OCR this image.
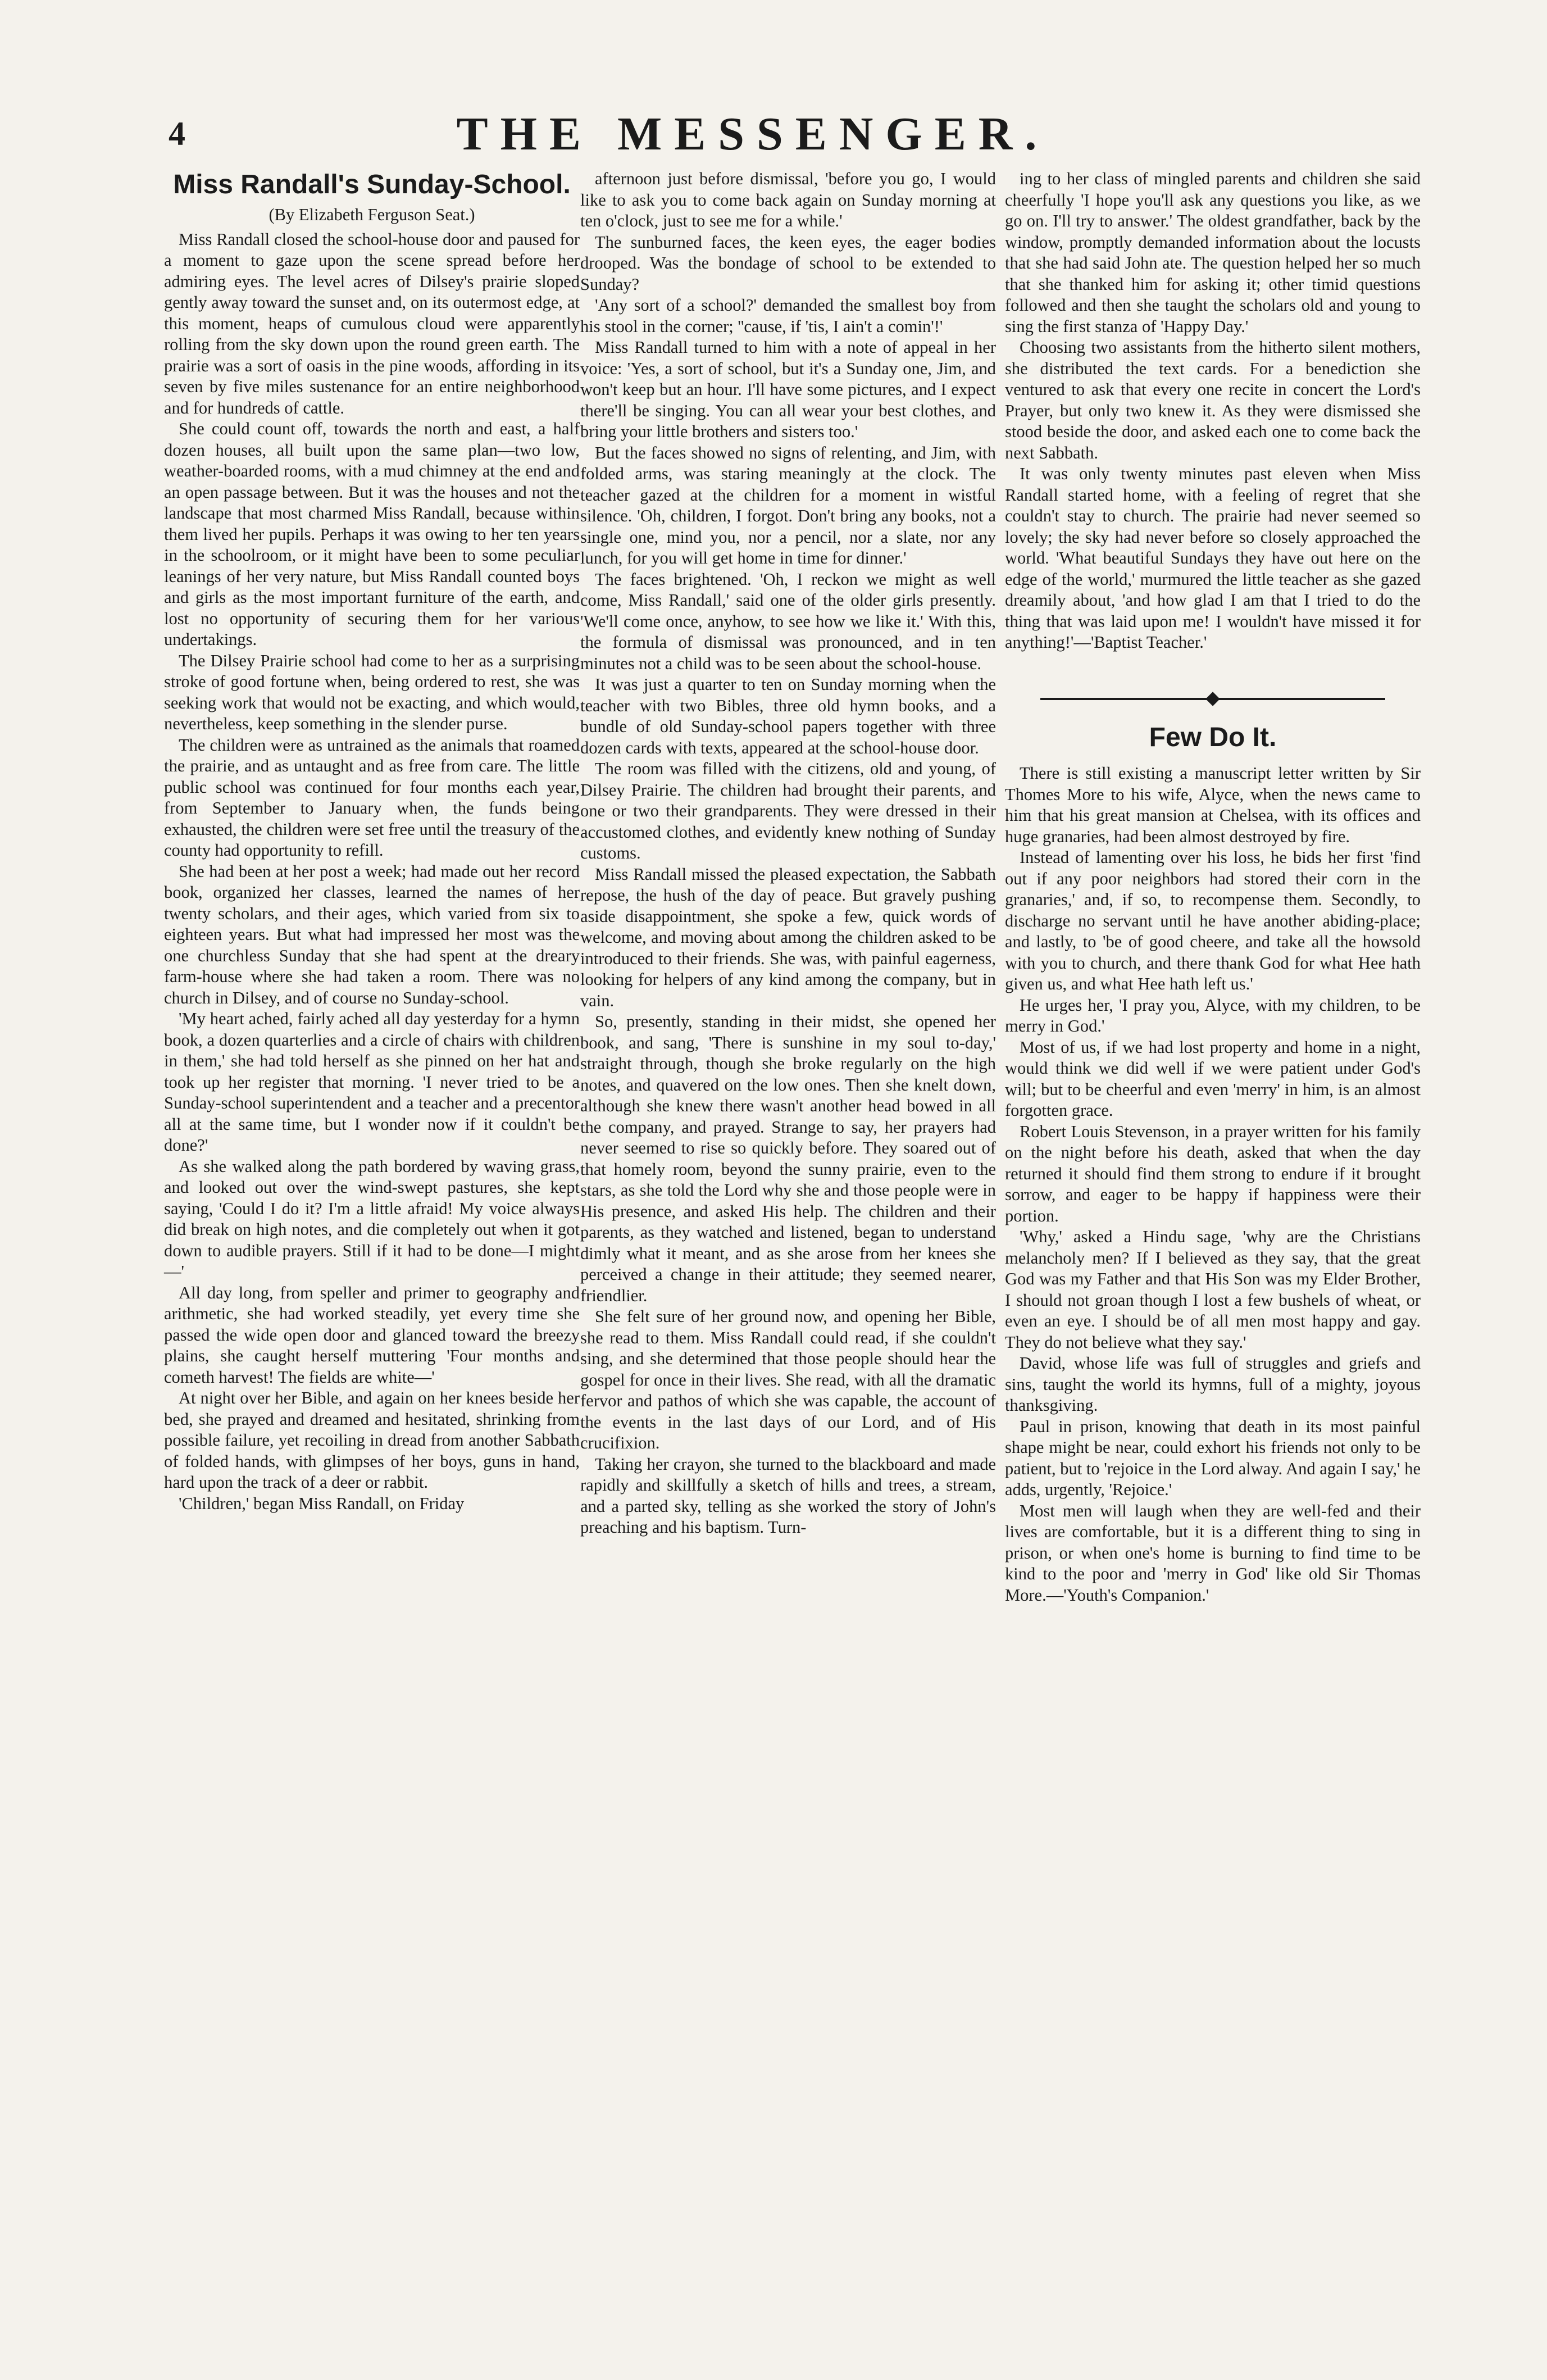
4	THE MESSENGER.
Miss Randall's Sunday-School.
(By Elizabeth Ferguson Seat.)

Miss Randall closed the school-house door and paused for a moment to gaze upon the scene spread before her admiring eyes. The level acres of Dilsey's prairie sloped gently away toward the sunset and, on its outermost edge, at this moment, heaps of cumulous cloud were apparently rolling from the sky down upon the round green earth. The prairie was a sort of oasis in the pine woods, affording in its seven by five miles sustenance for an entire neighborhood and for hundreds of cattle.

She could count off, towards the north and east, a half dozen houses, all built upon the same plan—two low, weather-boarded rooms, with a mud chimney at the end and an open passage between. But it was the houses and not the landscape that most charmed Miss Randall, because within them lived her pupils. Perhaps it was owing to her ten years in the schoolroom, or it might have been to some peculiar leanings of her very nature, but Miss Randall counted boys and girls as the most important furniture of the earth, and lost no opportunity of securing them for her various undertakings.

The Dilsey Prairie school had come to her as a surprising stroke of good fortune when, being ordered to rest, she was seeking work that would not be exacting, and which would, nevertheless, keep something in the slender purse.

The children were as untrained as the animals that roamed the prairie, and as untaught and as free from care. The little public school was continued for four months each year, from September to January when, the funds being exhausted, the children were set free until the treasury of the county had opportunity to refill.

She had been at her post a week; had made out her record book, organized her classes, learned the names of her twenty scholars, and their ages, which varied from six to eighteen years. But what had impressed her most was the one churchless Sunday that she had spent at the dreary farm-house where she had taken a room. There was no church in Dilsey, and of course no Sunday-school.

'My heart ached, fairly ached all day yesterday for a hymn book, a dozen quarterlies and a circle of chairs with children in them,' she had told herself as she pinned on her hat and took up her register that morning. 'I never tried to be a Sunday-school superintendent and a teacher and a precentor all at the same time, but I wonder now if it couldn't be done?'

As she walked along the path bordered by waving grass, and looked out over the wind-swept pastures, she kept saying, 'Could I do it? I'm a little afraid! My voice always did break on high notes, and die completely out when it got down to audible prayers. Still if it had to be done—I might—'

All day long, from speller and primer to geography and arithmetic, she had worked steadily, yet every time she passed the wide open door and glanced toward the breezy plains, she caught herself muttering 'Four months and cometh harvest! The fields are white—'

At night over her Bible, and again on her knees beside her bed, she prayed and dreamed and hesitated, shrinking from possible failure, yet recoiling in dread from another Sabbath of folded hands, with glimpses of her boys, guns in hand, hard upon the track of a deer or rabbit.

'Children,' began Miss Randall, on Friday

afternoon just before dismissal, 'before you go, I would like to ask you to come back again on Sunday morning at ten o'clock, just to see me for a while.'

The sunburned faces, the keen eyes, the eager bodies drooped. Was the bondage of school to be extended to Sunday?

'Any sort of a school?' demanded the smallest boy from his stool in the corner; ''cause, if 'tis, I ain't a comin'!'

Miss Randall turned to him with a note of appeal in her voice: 'Yes, a sort of school, but it's a Sunday one, Jim, and won't keep but an hour. I'll have some pictures, and I expect there'll be singing. You can all wear your best clothes, and bring your little brothers and sisters too.'

But the faces showed no signs of relenting, and Jim, with folded arms, was staring meaningly at the clock. The teacher gazed at the children for a moment in wistful silence. 'Oh, children, I forgot. Don't bring any books, not a single one, mind you, nor a pencil, nor a slate, nor any lunch, for you will get home in time for dinner.'

The faces brightened. 'Oh, I reckon we might as well come, Miss Randall,' said one of the older girls presently. 'We'll come once, anyhow, to see how we like it.' With this, the formula of dismissal was pronounced, and in ten minutes not a child was to be seen about the school-house.

It was just a quarter to ten on Sunday morning when the teacher with two Bibles, three old hymn books, and a bundle of old Sunday-school papers together with three dozen cards with texts, appeared at the school-house door.

The room was filled with the citizens, old and young, of Dilsey Prairie. The children had brought their parents, and one or two their grandparents. They were dressed in their accustomed clothes, and evidently knew nothing of Sunday customs.

Miss Randall missed the pleased expectation, the Sabbath repose, the hush of the day of peace. But gravely pushing aside disappointment, she spoke a few, quick words of welcome, and moving about among the children asked to be introduced to their friends. She was, with painful eagerness, looking for helpers of any kind among the company, but in vain.

So, presently, standing in their midst, she opened her book, and sang, 'There is sunshine in my soul to-day,' straight through, though she broke regularly on the high notes, and quavered on the low ones. Then she knelt down, although she knew there wasn't another head bowed in all the company, and prayed. Strange to say, her prayers had never seemed to rise so quickly before. They soared out of that homely room, beyond the sunny prairie, even to the stars, as she told the Lord why she and those people were in His presence, and asked His help. The children and their parents, as they watched and listened, began to understand dimly what it meant, and as she arose from her knees she perceived a change in their attitude; they seemed nearer, friendlier.

She felt sure of her ground now, and opening her Bible, she read to them. Miss Randall could read, if she couldn't sing, and she determined that those people should hear the gospel for once in their lives. She read, with all the dramatic fervor and pathos of which she was capable, the account of the events in the last days of our Lord, and of His crucifixion.

Taking her crayon, she turned to the blackboard and made rapidly and skillfully a sketch of hills and trees, a stream, and a parted sky, telling as she worked the story of John's preaching and his baptism. Turn-

ing to her class of mingled parents and children she said cheerfully 'I hope you'll ask any questions you like, as we go on. I'll try to answer.' The oldest grandfather, back by the window, promptly demanded information about the locusts that she had said John ate. The question helped her so much that she thanked him for asking it; other timid questions followed and then she taught the scholars old and young to sing the first stanza of 'Happy Day.'

Choosing two assistants from the hitherto silent mothers, she distributed the text cards. For a benediction she ventured to ask that every one recite in concert the Lord's Prayer, but only two knew it. As they were dismissed she stood beside the door, and asked each one to come back the next Sabbath.

It was only twenty minutes past eleven when Miss Randall started home, with a feeling of regret that she couldn't stay to church. The prairie had never seemed so lovely; the sky had never before so closely approached the world. 'What beautiful Sundays they have out here on the edge of the world,' murmured the little teacher as she gazed dreamily about, 'and how glad I am that I tried to do the thing that was laid upon me! I wouldn't have missed it for anything!'—'Baptist Teacher.'

Few Do It.

There is still existing a manuscript letter written by Sir Thomes More to his wife, Alyce, when the news came to him that his great mansion at Chelsea, with its offices and huge granaries, had been almost destroyed by fire.

Instead of lamenting over his loss, he bids her first 'find out if any poor neighbors had stored their corn in the granaries,' and, if so, to recompense them. Secondly, to discharge no servant until he have another abiding-place; and lastly, to 'be of good cheere, and take all the howsold with you to church, and there thank God for what Hee hath given us, and what Hee hath left us.'

He urges her, 'I pray you, Alyce, with my children, to be merry in God.'

Most of us, if we had lost property and home in a night, would think we did well if we were patient under God's will; but to be cheerful and even 'merry' in him, is an almost forgotten grace.

Robert Louis Stevenson, in a prayer written for his family on the night before his death, asked that when the day returned it should find them strong to endure if it brought sorrow, and eager to be happy if happiness were their portion.

'Why,' asked a Hindu sage, 'why are the Christians melancholy men? If I believed as they say, that the great God was my Father and that His Son was my Elder Brother, I should not groan though I lost a few bushels of wheat, or even an eye. I should be of all men most happy and gay. They do not believe what they say.'

David, whose life was full of struggles and griefs and sins, taught the world its hymns, full of a mighty, joyous thanksgiving.

Paul in prison, knowing that death in its most painful shape might be near, could exhort his friends not only to be patient, but to 'rejoice in the Lord alway. And again I say,' he adds, urgently, 'Rejoice.'

Most men will laugh when they are well-fed and their lives are comfortable, but it is a different thing to sing in prison, or when one's home is burning to find time to be kind to the poor and 'merry in God' like old Sir Thomas More.—'Youth's Companion.'
